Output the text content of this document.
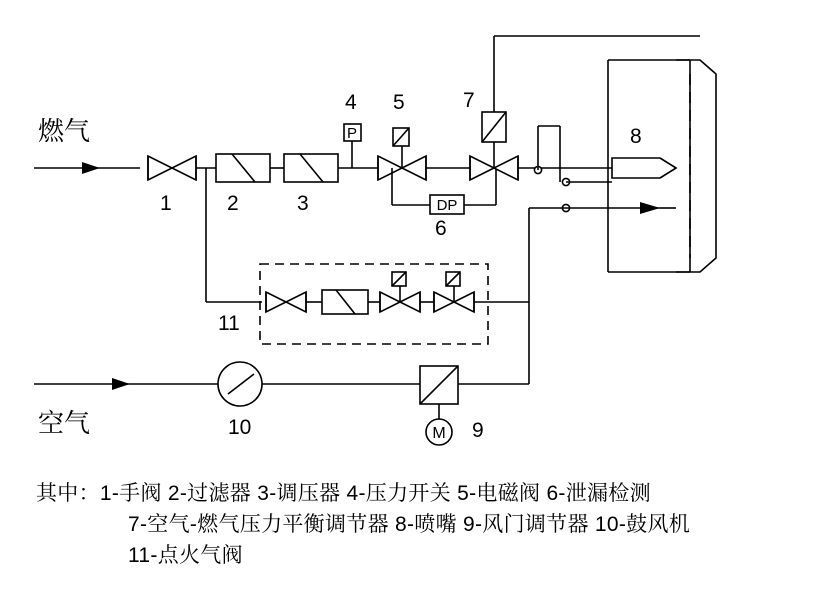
P
DP
M
燃气
空气
1	2	3
4 5
6
7
8
9
10
11
其中：1-手阀 2-过滤器 3-调压器 4-压力开关 5-电磁阀 6-泄漏检测
7-空气-燃气压力平衡调节器 8-喷嘴 9-风门调节器 10-鼓风机
11-点火气阀
